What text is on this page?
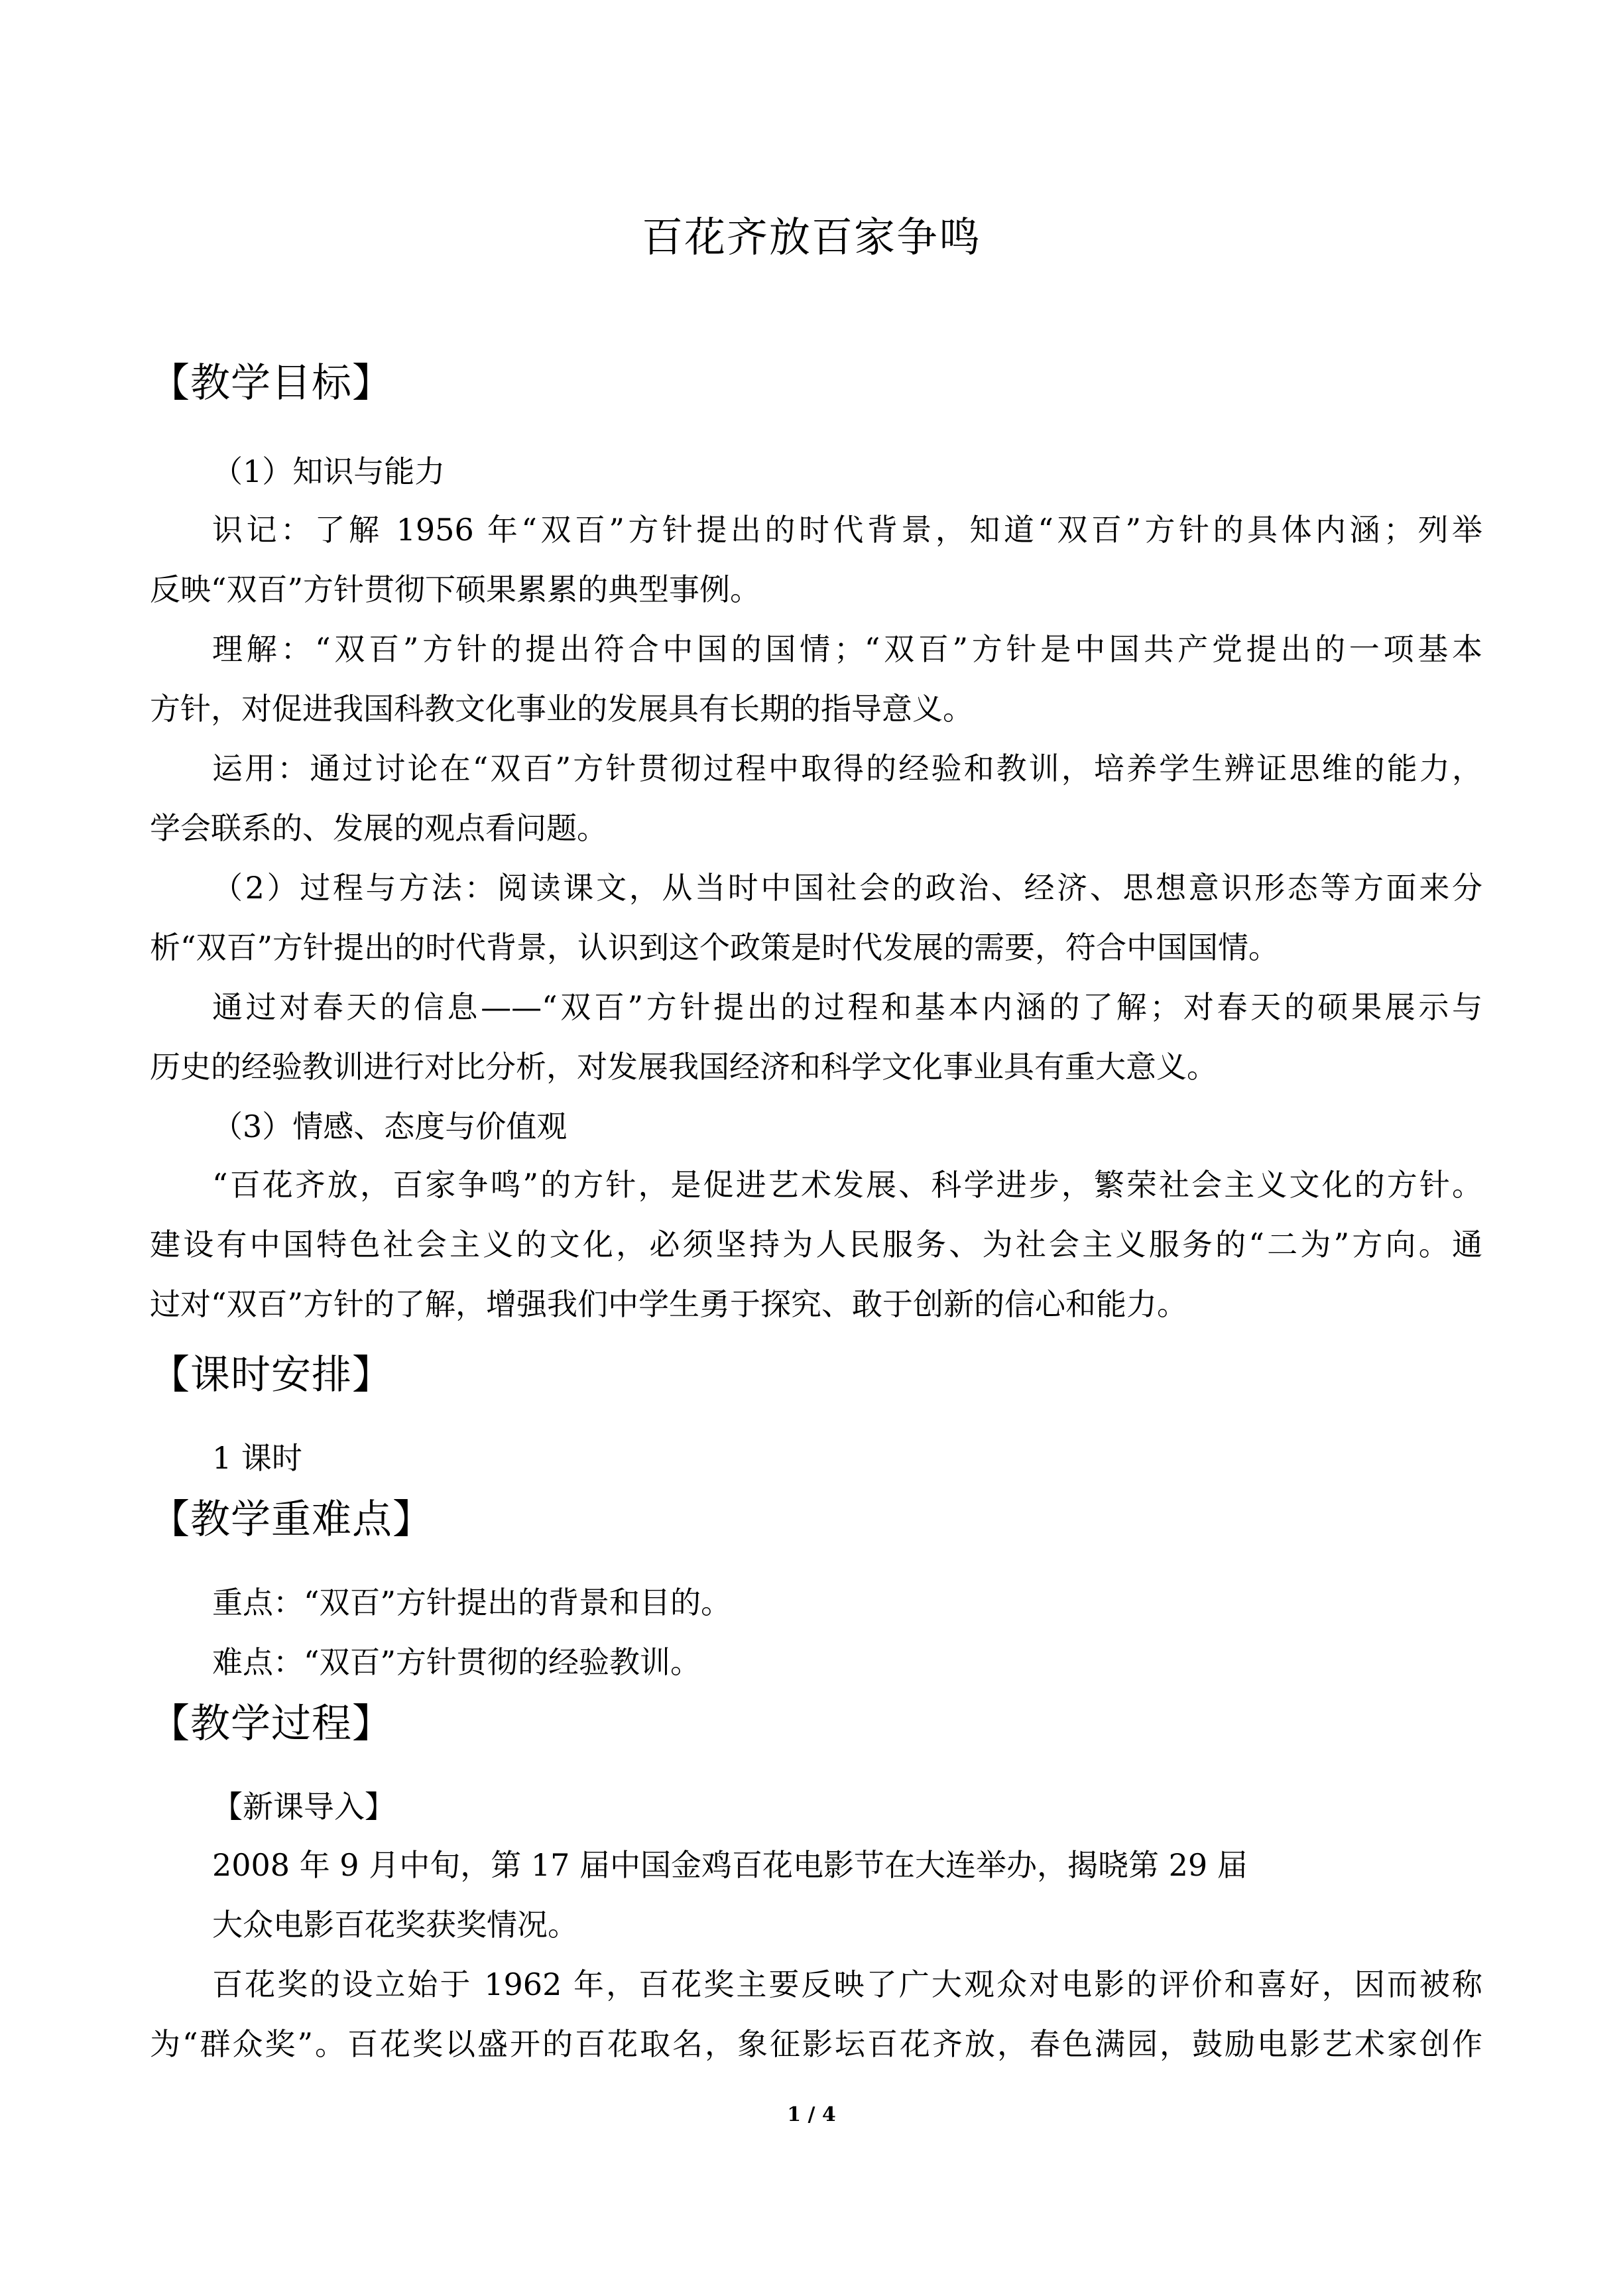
百花齐放百家争鸣
【教学目标】
（1）知识与能力
识记：了解 1956 年“双百”方针提出的时代背景，知道“双百”方针的具体内涵；列举
反映“双百”方针贯彻下硕果累累的典型事例。
理解：“双百”方针的提出符合中国的国情；“双百”方针是中国共产党提出的一项基本
方针，对促进我国科教文化事业的发展具有长期的指导意义。
运用：通过讨论在“双百”方针贯彻过程中取得的经验和教训，培养学生辨证思维的能力，
学会联系的、发展的观点看问题。
（2）过程与方法：阅读课文，从当时中国社会的政治、经济、思想意识形态等方面来分
析“双百”方针提出的时代背景，认识到这个政策是时代发展的需要，符合中国国情。
通过对春天的信息——“双百”方针提出的过程和基本内涵的了解；对春天的硕果展示与
历史的经验教训进行对比分析，对发展我国经济和科学文化事业具有重大意义。
（3）情感、态度与价值观
“百花齐放，百家争鸣”的方针，是促进艺术发展、科学进步，繁荣社会主义文化的方针。
建设有中国特色社会主义的文化，必须坚持为人民服务、为社会主义服务的“二为”方向。通
过对“双百”方针的了解，增强我们中学生勇于探究、敢于创新的信心和能力。
【课时安排】
1 课时
【教学重难点】
重点：“双百”方针提出的背景和目的。
难点：“双百”方针贯彻的经验教训。
【教学过程】
【新课导入】
2008 年 9 月中旬，第 17 届中国金鸡百花电影节在大连举办，揭晓第 29 届
大众电影百花奖获奖情况。
百花奖的设立始于 1962 年，百花奖主要反映了广大观众对电影的评价和喜好，因而被称
为“群众奖”。百花奖以盛开的百花取名，象征影坛百花齐放，春色满园，鼓励电影艺术家创作
1 / 4
